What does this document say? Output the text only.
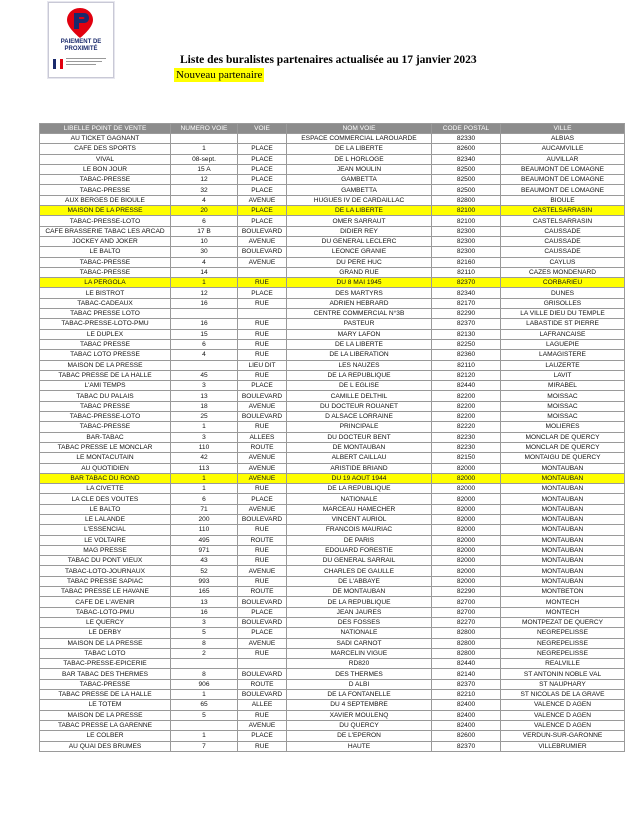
PAIEMENT DE
PROXIMITÉ
Liste des buralistes partenaires actualisée au 17 janvier 2023
Nouveau partenaire
LIBELLE POINT DE VENTE	NUMERO VOIE	VOIE	NOM VOIE	CODE POSTAL	VILLE
AU TICKET GAGNANT			ESPACE COMMERCIAL LAROUARDE	82330	ALBIAS
CAFE DES SPORTS	1	PLACE	DE LA LIBERTE	82600	AUCAMVILLE
VIVAL	08-sept.	PLACE	DE L HORLOGE	82340	AUVILLAR
LE BON JOUR	15 A	PLACE	JEAN MOULIN	82500	BEAUMONT DE LOMAGNE
TABAC-PRESSE	12	PLACE	GAMBETTA	82500	BEAUMONT DE LOMAGNE
TABAC-PRESSE	32	PLACE	GAMBETTA	82500	BEAUMONT DE LOMAGNE
AUX BERGES DE BIOULE	4	AVENUE	HUGUES IV DE CARDAILLAC	82800	BIOULE
MAISON DE LA PRESSE	20	PLACE	DE LA LIBERTE	82100	CASTELSARRASIN
TABAC-PRESSE-LOTO	6	PLACE	OMER SARRAUT	82100	CASTELSARRASIN
CAFE BRASSERIE TABAC LES ARCAD	17 B	BOULEVARD	DIDIER REY	82300	CAUSSADE
JOCKEY AND JOKER	10	AVENUE	DU GENERAL LECLERC	82300	CAUSSADE
LE BALTO	30	BOULEVARD	LEONCE GRANIE	82300	CAUSSADE
TABAC-PRESSE	4	AVENUE	DU PERE HUC	82160	CAYLUS
TABAC-PRESSE	14		GRAND RUE	82110	CAZES MONDENARD
LA PERGOLA	1	RUE	DU 8 MAI 1945	82370	CORBARIEU
LE BISTROT	12	PLACE	DES MARTYRS	82340	DUNES
TABAC-CADEAUX	16	RUE	ADRIEN HEBRARD	82170	GRISOLLES
TABAC PRESSE LOTO			CENTRE COMMERCIAL N°3B	82290	LA VILLE DIEU DU TEMPLE
TABAC-PRESSE-LOTO-PMU	16	RUE	PASTEUR	82370	LABASTIDE ST PIERRE
LE DUPLEX	15	RUE	MARY LAFON	82130	LAFRANCAISE
TABAC PRESSE	6	RUE	DE LA LIBERTE	82250	LAGUEPIE
TABAC LOTO PRESSE	4	RUE	DE LA LIBERATION	82360	LAMAGISTERE
MAISON DE LA PRESSE		LIEU DIT	LES NAUZES	82110	LAUZERTE
TABAC PRESSE DE LA HALLE	45	RUE	DE LA REPUBLIQUE	82120	LAVIT
L'AMI TEMPS	3	PLACE	DE L EGLISE	82440	MIRABEL
TABAC DU PALAIS	13	BOULEVARD	CAMILLE DELTHIL	82200	MOISSAC
TABAC PRESSE	18	AVENUE	DU DOCTEUR ROUANET	82200	MOISSAC
TABAC-PRESSE-LOTO	25	BOULEVARD	D ALSACE LORRAINE	82200	MOISSAC
TABAC-PRESSE	1	RUE	PRINCIPALE	82220	MOLIERES
BAR-TABAC	3	ALLEES	DU DOCTEUR BENT	82230	MONCLAR DE QUERCY
TABAC PRESSE LE MONCLAR	110	ROUTE	DE MONTAUBAN	82230	MONCLAR DE QUERCY
LE MONTACUTAIN	42	AVENUE	ALBERT CAILLAU	82150	MONTAIGU DE QUERCY
AU QUOTIDIEN	113	AVENUE	ARISTIDE BRIAND	82000	MONTAUBAN
BAR TABAC DU ROND	1	AVENUE	DU 19 AOUT 1944	82000	MONTAUBAN
LA CIVETTE	1	RUE	DE LA REPUBLIQUE	82000	MONTAUBAN
LA CLE DES VOUTES	6	PLACE	NATIONALE	82000	MONTAUBAN
LE BALTO	71	AVENUE	MARCEAU HAMECHER	82000	MONTAUBAN
LE LALANDE	200	BOULEVARD	VINCENT AURIOL	82000	MONTAUBAN
L'ESSENCIAL	110	RUE	FRANCOIS MAURIAC	82000	MONTAUBAN
LE VOLTAIRE	495	ROUTE	DE PARIS	82000	MONTAUBAN
MAG PRESSE	971	RUE	EDOUARD FORESTIE	82000	MONTAUBAN
TABAC DU PONT VIEUX	43	RUE	DU GENERAL SARRAIL	82000	MONTAUBAN
TABAC-LOTO-JOURNAUX	52	AVENUE	CHARLES DE GAULLE	82000	MONTAUBAN
TABAC PRESSE SAPIAC	993	RUE	DE L'ABBAYE	82000	MONTAUBAN
TABAC PRESSE LE HAVANE	165	ROUTE	DE MONTAUBAN	82290	MONTBETON
CAFE DE L'AVENIR	13	BOULEVARD	DE LA REPUBLIQUE	82700	MONTECH
TABAC-LOTO-PMU	16	PLACE	JEAN JAURES	82700	MONTECH
LE QUERCY	3	BOULEVARD	DES FOSSES	82270	MONTPEZAT DE QUERCY
LE DERBY	5	PLACE	NATIONALE	82800	NEGREPELISSE
MAISON DE LA PRESSE	8	AVENUE	SADI CARNOT	82800	NEGREPELISSE
TABAC LOTO	2	RUE	MARCELIN VIGUE	82800	NEGREPELISSE
TABAC-PRESSE-EPICERIE			RD820	82440	REALVILLE
BAR TABAC DES THERMES	8	BOULEVARD	DES THERMES	82140	ST ANTONIN NOBLE VAL
TABAC-PRESSE	906	ROUTE	D ALBI	82370	ST NAUPHARY
TABAC PRESSE DE LA HALLE	1	BOULEVARD	DE LA FONTANELLE	82210	ST NICOLAS DE LA GRAVE
LE TOTEM	65	ALLEE	DU 4 SEPTEMBRE	82400	VALENCE D AGEN
MAISON DE LA PRESSE	5	RUE	XAVIER MOULENQ	82400	VALENCE D AGEN
TABAC PRESSE LA GARENNE		AVENUE	DU QUERCY	82400	VALENCE D AGEN
LE COLBER	1	PLACE	DE L'EPERON	82600	VERDUN-SUR-GARONNE
AU QUAI DES BRUMES	7	RUE	HAUTE	82370	VILLEBRUMIER
